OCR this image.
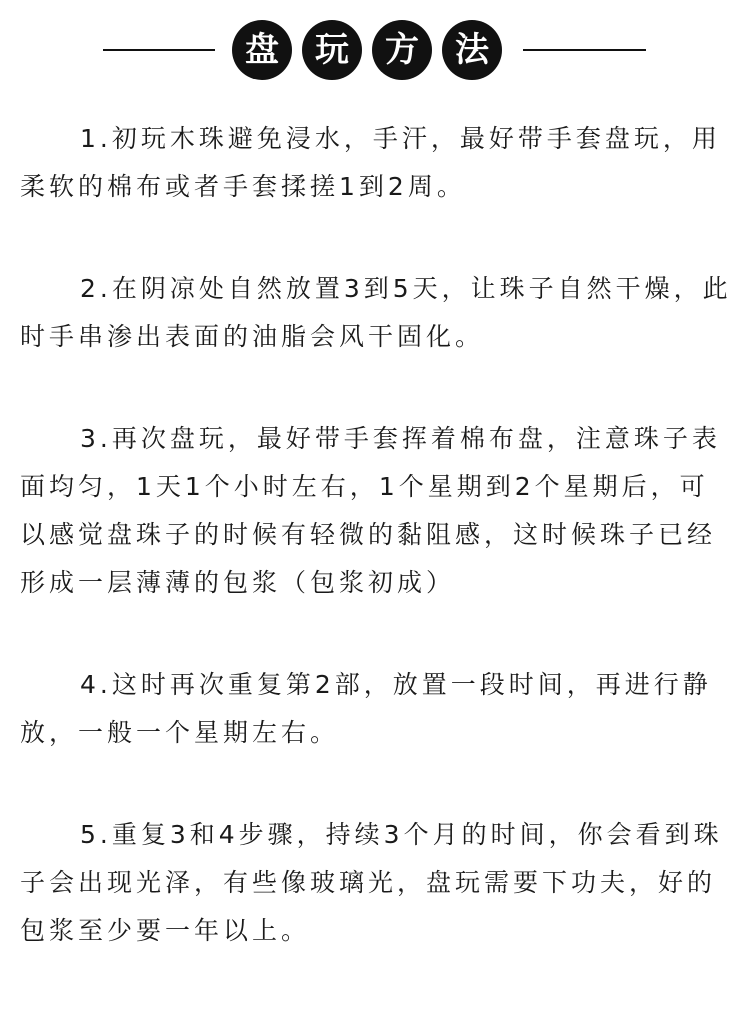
盘	玩	方	法

1.初玩木珠避免浸水，手汗，最好带手套盘玩，用柔软的棉布或者手套揉搓1到2周。

2.在阴凉处自然放置3到5天，让珠子自然干燥，此时手串渗出表面的油脂会风干固化。

3.再次盘玩，最好带手套挥着棉布盘，注意珠子表面均匀，1天1个小时左右，1个星期到2个星期后，可以感觉盘珠子的时候有轻微的黏阻感，这时候珠子已经形成一层薄薄的包浆（包浆初成）

4.这时再次重复第2部，放置一段时间，再进行静放，一般一个星期左右。

5.重复3和4步骤，持续3个月的时间，你会看到珠子会出现光泽，有些像玻璃光，盘玩需要下功夫，好的包浆至少要一年以上。
